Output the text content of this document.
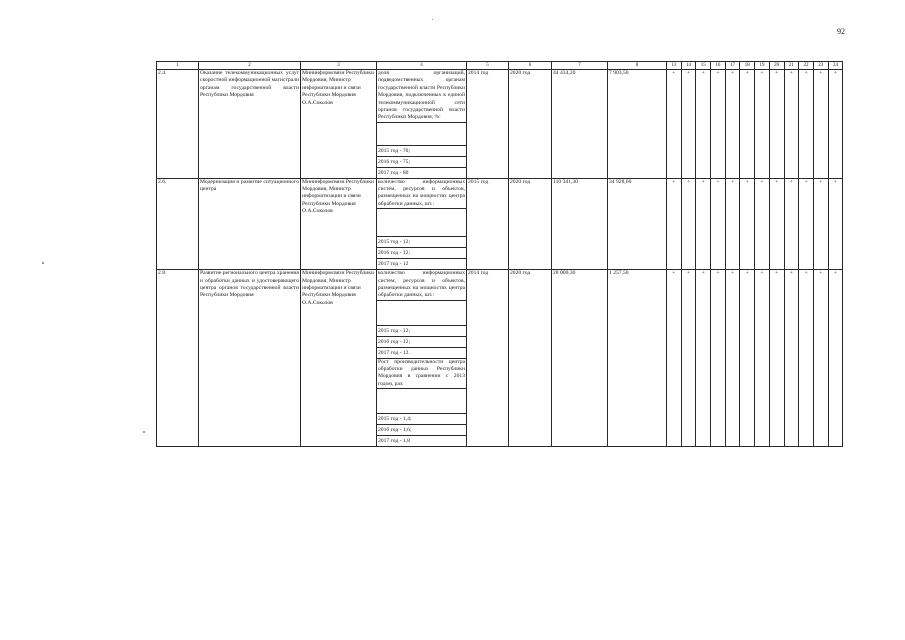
92
1	2	3	4	5	6	7	8	13	14	15	16	17	18	19	20	21	22	23	24
2.4.	Оказание телекоммуникационных услуг скоростной информационной магистрали органам государственной власти Республики Мордовия	Мининформсвязи Республики Мордовия, Министр информатизации и связи Республики Мордовия О.А.Соколов	доля организаций, подведомственных органам государственной власти Республики Мордовия, подключенных к единой телекоммуникационной сети органов государственной власти Республики Мордовия, %:	2014 год	2020 год	44 434,20	7 903,50	+	+	+	+	+	+	+	+	+	+	+	+

			2015 год - 70;																
			2016 год - 75;																
			2017 год - 80																
2.6.	Модернизация и развитие ситуационного центра	Мининформсвязи Республики Мордовия, Министр информатизации и связи Республики Мордовия О.А.Соколов	количество информационных систем, ресурсов и объектов, размещенных на мощностях центра обработки данных, шт.:	2015 год	2020 год	110 341,30	34 928,60	+	+	+	+	+	+	+	+	+	+	+	+

			2015 год - 12;																
			2016 год - 12;																
			2017 год - 12																
2.8.	Развитие регионального центра хранения и обработки данных и удостоверяющего центра органов государственной власти Республики Мордовия	Мининформсвязи Республики Мордовия, Министр информатизации и связи Республики Мордовия О.А.Соколов	количество информационных систем, ресурсов и объектов, размещенных на мощностях центра обработки данных, шт.:	2014 год	2020 год	28 000,30	1 257,50	+	+	+	+	+	+	+	+	+	+	+	+

			2015 год - 12;																
			2016 год - 12;																
			2017 год - 12.																
			Рост производительности центра обработки данных Республики Мордовия в сравнении с 2013 годом, раз:																

			2015 год - 1,4;																
			2016 год - 1,6;																
			2017 год - 1,8																
